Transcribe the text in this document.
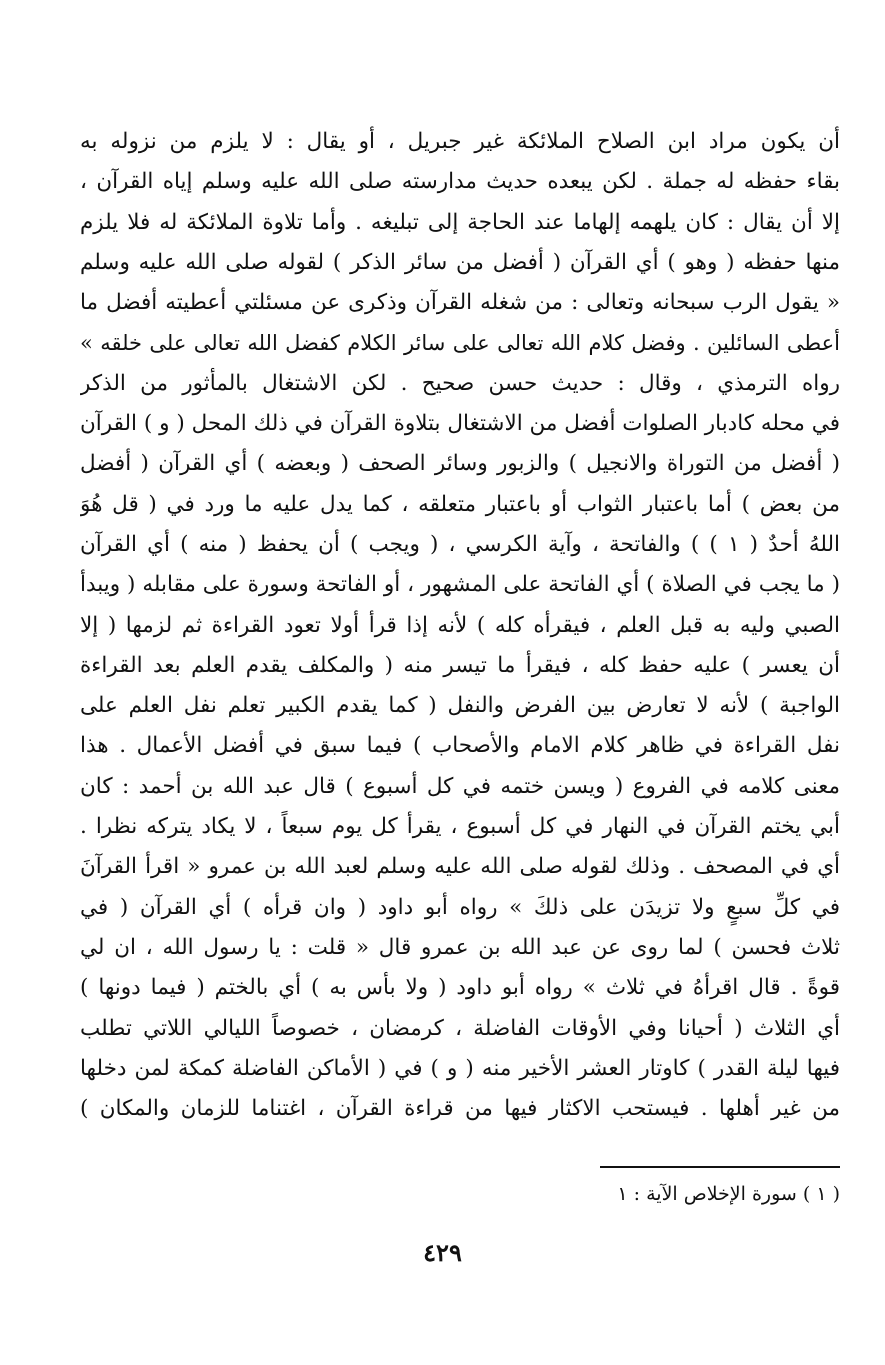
أن يكون مراد ابن الصلاح الملائكة غير جبريل ، أو يقال : لا يلزم من نزوله به
بقاء حفظه له جملة . لكن يبعده حديث مدارسته صلى الله عليه وسلم إياه القرآن ،
إلا أن يقال : كان يلهمه إلهاما عند الحاجة إلى تبليغه . وأما تلاوة الملائكة له فلا يلزم
منها حفظه ( وهو ) أي القرآن ( أفضل من سائر الذكر ) لقوله صلى الله عليه وسلم
« يقول الرب سبحانه وتعالى : من شغله القرآن وذكرى عن مسئلتي أعطيته أفضل ما
أعطى السائلين . وفضل كلام الله تعالى على سائر الكلام كفضل الله تعالى على خلقه »
رواه الترمذي ، وقال : حديث حسن صحيح . لكن الاشتغال بالمأثور من الذكر
في محله كادبار الصلوات أفضل من الاشتغال بتلاوة القرآن في ذلك المحل ( و ) القرآن
( أفضل من التوراة والانجيل ) والزبور وسائر الصحف ( وبعضه ) أي القرآن ( أفضل
من بعض ) أما باعتبار الثواب أو باعتبار متعلقه ، كما يدل عليه ما ورد في ( قل هُوَ
اللهُ أحدٌ ( ١ ) ) والفاتحة ، وآية الكرسي ، ( ويجب ) أن يحفظ ( منه ) أي القرآن
( ما يجب في الصلاة ) أي الفاتحة على المشهور ، أو الفاتحة وسورة على مقابله ( ويبدأ
الصبي وليه به قبل العلم ، فيقرأه كله ) لأنه إذا قرأ أولا تعود القراءة ثم لزمها ( إلا
أن يعسر ) عليه حفظ كله ، فيقرأ ما تيسر منه ( والمكلف يقدم العلم بعد القراءة
الواجبة ) لأنه لا تعارض بين الفرض والنفل ( كما يقدم الكبير تعلم نفل العلم على
نفل القراءة في ظاهر كلام الامام والأصحاب ) فيما سبق في أفضل الأعمال . هذا
معنى كلامه في الفروع ( ويسن ختمه في كل أسبوع ) قال عبد الله بن أحمد : كان
أبي يختم القرآن في النهار في كل أسبوع ، يقرأ كل يوم سبعاً ، لا يكاد يتركه نظرا .
أي في المصحف . وذلك لقوله صلى الله عليه وسلم لعبد الله بن عمرو « اقرأ القرآنَ
في كلِّ سبعٍ ولا تزيدَن على ذلكَ » رواه أبو داود ( وان قرأه ) أي القرآن ( في
ثلاث فحسن ) لما روى عن عبد الله بن عمرو قال « قلت : يا رسول الله ، ان لي
قوةً . قال اقرأهُ في ثلاث » رواه أبو داود ( ولا بأس به ) أي بالختم ( فيما دونها )
أي الثلاث ( أحيانا وفي الأوقات الفاضلة ، كرمضان ، خصوصاً الليالي اللاتي تطلب
فيها ليلة القدر ) كاوتار العشر الأخير منه ( و ) في ( الأماكن الفاضلة كمكة لمن دخلها
من غير أهلها . فيستحب الاكثار فيها من قراءة القرآن ، اغتناما للزمان والمكان )
( ١ ) سورة الإخلاص الآية : ١
٤٢٩
